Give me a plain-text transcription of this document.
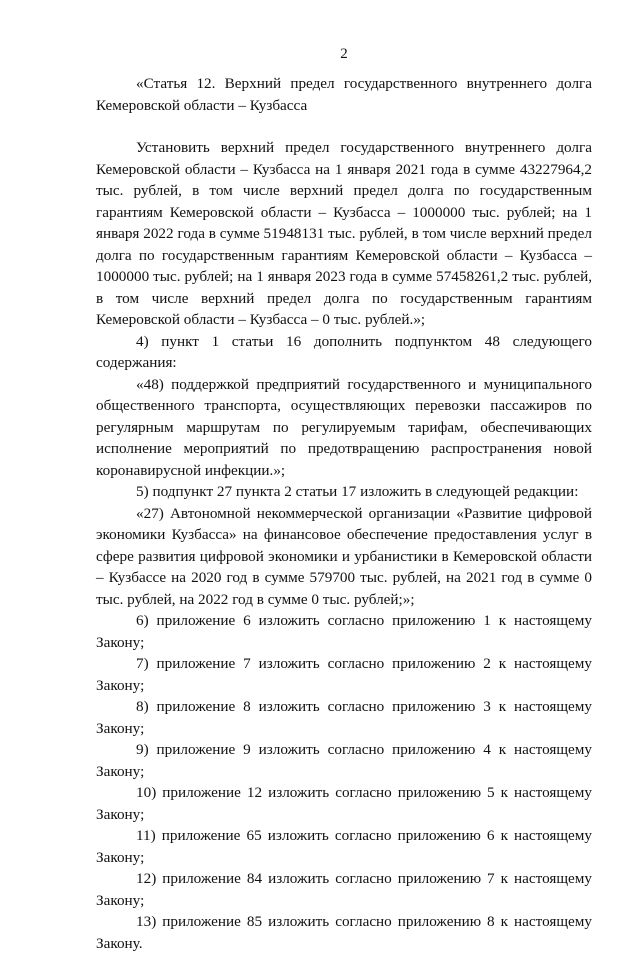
2

«Статья 12. Верхний предел государственного внутреннего долга Кемеровской области – Кузбасса

Установить верхний предел государственного внутреннего долга Кемеровской области – Кузбасса на 1 января 2021 года в сумме 43227964,2 тыс. рублей, в том числе верхний предел долга по государственным гарантиям Кемеровской области – Кузбасса – 1000000 тыс. рублей; на 1 января 2022 года в сумме 51948131 тыс. рублей, в том числе верхний предел долга по государственным гарантиям Кемеровской области – Кузбасса – 1000000 тыс. рублей; на 1 января 2023 года в сумме 57458261,2 тыс. рублей, в том числе верхний предел долга по государственным гарантиям Кемеровской области – Кузбасса – 0 тыс. рублей.»;

4) пункт 1 статьи 16 дополнить подпунктом 48 следующего содержания:

«48) поддержкой предприятий государственного и муниципального общественного транспорта, осуществляющих перевозки пассажиров по регулярным маршрутам по регулируемым тарифам, обеспечивающих исполнение мероприятий по предотвращению распространения новой коронавирусной инфекции.»;

5) подпункт 27 пункта 2 статьи 17 изложить в следующей редакции:

«27) Автономной некоммерческой организации «Развитие цифровой экономики Кузбасса» на финансовое обеспечение предоставления услуг в сфере развития цифровой экономики и урбанистики в Кемеровской области – Кузбассе на 2020 год в сумме 579700 тыс. рублей, на 2021 год в сумме 0 тыс. рублей, на 2022 год в сумме 0 тыс. рублей;»;

6) приложение 6 изложить согласно приложению 1 к настоящему Закону;

7) приложение 7 изложить согласно приложению 2 к настоящему Закону;

8) приложение 8 изложить согласно приложению 3 к настоящему Закону;

9) приложение 9 изложить согласно приложению 4 к настоящему Закону;

10) приложение 12 изложить согласно приложению 5 к настоящему Закону;

11) приложение 65 изложить согласно приложению 6 к настоящему Закону;

12) приложение 84 изложить согласно приложению 7 к настоящему Закону;

13) приложение 85 изложить согласно приложению 8 к настоящему Закону.
